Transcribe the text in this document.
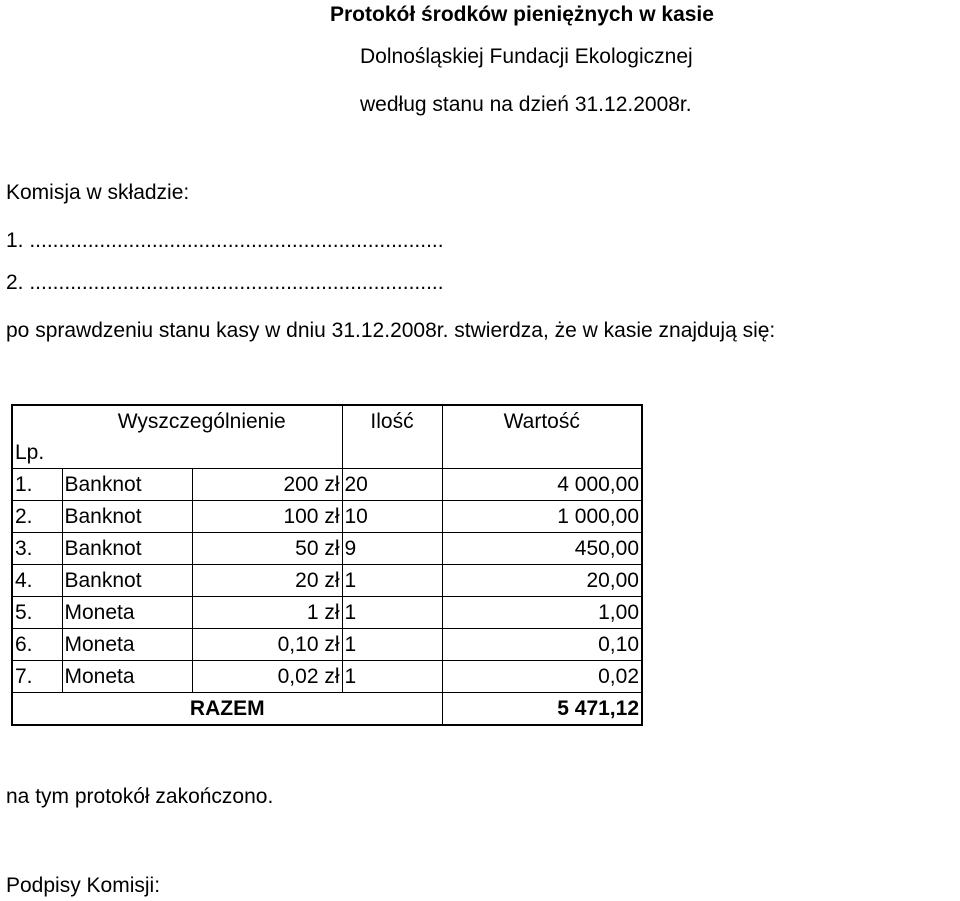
Protokół środków pieniężnych w kasie
Dolnośląskiej Fundacji Ekologicznej
według stanu na dzień 31.12.2008r.
Komisja w składzie:
1. .......................................................................
2. .......................................................................
po sprawdzeniu stanu kasy w dniu 31.12.2008r. stwierdza, że w kasie znajdują się:
	Wyszczególnienie		Ilość	Wartość
Lp.				
1.	Banknot	200 zł	20	4 000,00
2.	Banknot	100 zł	10	1 000,00
3.	Banknot	50 zł	9	450,00
4.	Banknot	20 zł	1	20,00
5.	Moneta	1 zł	1	1,00
6.	Moneta	0,10 zł	1	0,10
7.	Moneta	0,02 zł	1	0,02
RAZEM				5 471,12
na tym protokół zakończono.
Podpisy Komisji:
